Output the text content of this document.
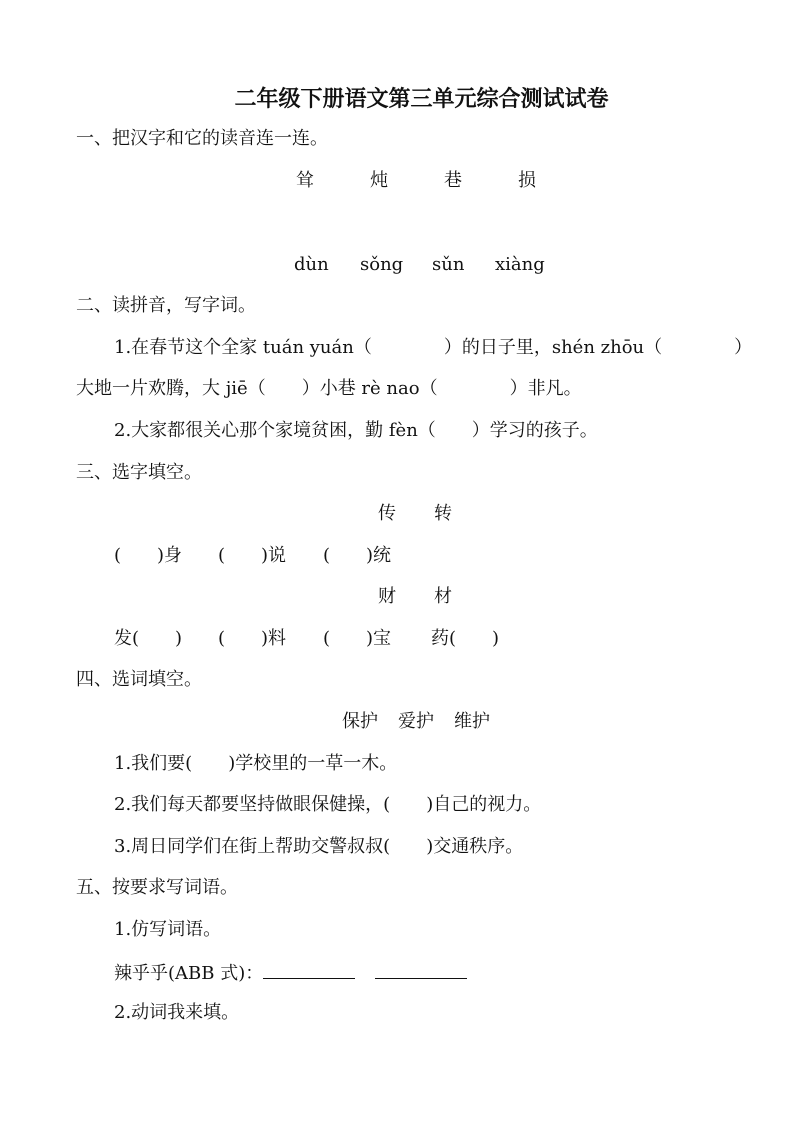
二年级下册语文第三单元综合测试试卷
一、把汉字和它的读音连一连。
耸	炖	巷	损
dùn sǒng sǔn xiàng
二、读拼音，写字词。
1.在春节这个全家 tuán yuán（　　　　）的日子里，shén zhōu（　　　　）
大地一片欢腾，大 jiē（　　）小巷 rè nao（　　　　）非凡。
2.大家都很关心那个家境贫困，勤 fèn（　　）学习的孩子。
三、选字填空。
传 转
(　　)身 (　　)说 (　　)统
财 材
发(　　) (　　)料 (　　)宝 药(　　)
四、选词填空。
保护 爱护 维护
1.我们要(　　)学校里的一草一木。
2.我们每天都要坚持做眼保健操，(　　)自己的视力。
3.周日同学们在街上帮助交警叔叔(　　)交通秩序。
五、按要求写词语。
1.仿写词语。
辣乎乎(ABB 式)：
2.动词我来填。
